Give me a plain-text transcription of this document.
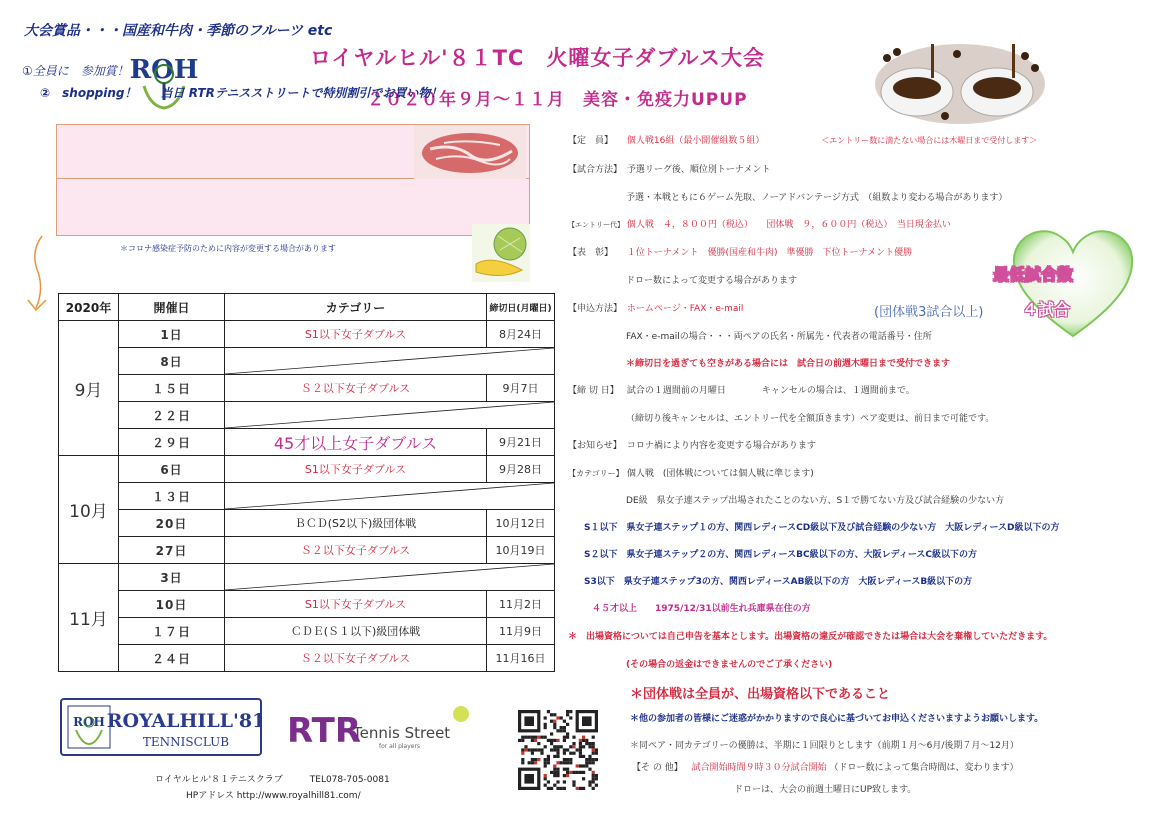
ROH	ロイヤルヒル'８１TC　火曜女子ダブルス大会
２０２０年９月～１１月　美容・免疫力UPUP
大会賞品・・・国産和牛肉・季節のフルーツ etc
①全員に　参加賞！
②　shopping！　　当日 RTRテニスストリートで特別割引でお買い物！
＊コロナ感染症予防のために内容が変更する場合があります
2020年	開催日	カテゴリー	締切日(月曜日)
9月	1日	S1以下女子ダブルス	8月24日
	8日	

	１５日	Ｓ２以下女子ダブルス	9月7日
	２２日	

	２９日	45才以上女子ダブルス	9月21日
10月	6日	S1以下女子ダブルス	9月28日
	１３日	

	20日	ＢＣＤ(S2以下)級団体戦	10月12日
	27日	Ｓ２以下女子ダブルス	10月19日
11月	3日	

	10日	S1以下女子ダブルス	11月2日
	１７日	ＣＤＥ(Ｓ１以下)級団体戦	11月9日
	２４日	Ｓ２以下女子ダブルス	11月16日
【定　員】 個人戦16組（最小開催組数５組）	＜エントリー数に満たない場合には木曜日まで受付します＞
【試合方法】 予選リーグ後、順位別トーナメント
予選・本戦ともに６ゲーム先取、ノーアドバンテージ方式　（組数より変わる場合があります）
【エントリー代】 個人戦　４，８００円（税込）　　団体戦　９，６００円（税込）　当日現金払い
【表　彰】 １位トーナメント　優勝(国産和牛肉)　準優勝　下位トーナメント優勝
ドロー数によって変更する場合があります
【申込方法】 ホームページ・FAX・e-mail	(団体戦3試合以上)
FAX・e-mailの場合・・・両ペアの氏名・所属先・代表者の電話番号・住所
＊締切日を過ぎても空きがある場合には　試合日の前週木曜日まで受付できます
【締 切 日】 試合の１週間前の月曜日　　　　キャンセルの場合は、１週間前まで。
（締切り後キャンセルは、エントリー代を全額頂きます）ペア変更は、前日まで可能です。
【お知らせ】 コロナ禍により内容を変更する場合があります
【カテゴリー】 個人戦　(団体戦については個人戦に準じます)
DE級　県女子連ステップ出場されたことのない方、S１で勝てない方及び試合経験の少ない方
S１以下　県女子連ステップ１の方、関西レディースCD級以下及び試合経験の少ない方　大阪レディースD級以下の方
S２以下　県女子連ステップ２の方、関西レディースBC級以下の方、大阪レディースC級以下の方
S3以下　県女子連ステップ3の方、関西レディースAB級以下の方　大阪レディースB級以下の方
４５才以上　　1975/12/31以前生れ兵庫県在住の方
＊　出場資格については自己申告を基本とします。出場資格の違反が確認できたは場合は大会を棄権していただきます。
(その場合の返金はできませんのでご了承ください)
＊団体戦は全員が、出場資格以下であること
＊他の参加者の皆様にご迷惑がかかりますので良心に基づいてお申込くださいますようお願いします。
＊同ペア・同カテゴリーの優勝は、半期に１回限りとします（前期１月～6月/後期７月～12月）
【そ の 他】 試合開始時間９時３０分試合開始 （ドロー数によって集合時間は、変わります）
ドローは、大会の前週土曜日にUP致します。
最低試合数
４試合
ROH ROYALHILL'81
TENNISCLUB RTR
Tennis Street
for all players
ロイヤルヒル'８１テニスクラブ　　　TEL078-705-0081
HPアドレス http://www.royalhill81.com/
